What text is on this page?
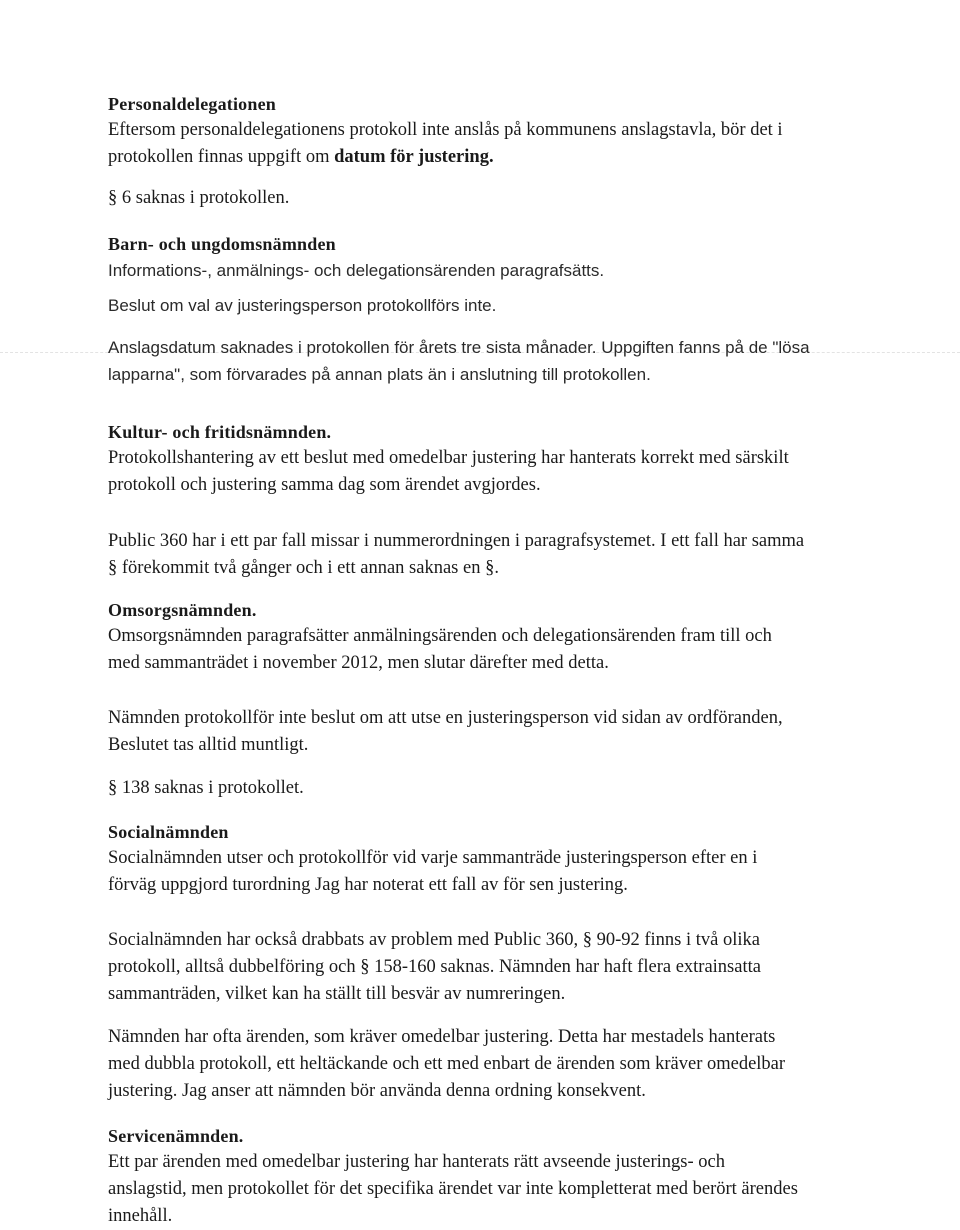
Personaldelegationen

Eftersom personaldelegationens protokoll inte anslås på kommunens anslagstavla, bör det i

protokollen finnas uppgift om datum för justering.

§ 6 saknas i protokollen.

Barn- och ungdomsnämnden

Informations-, anmälnings- och delegationsärenden paragrafsätts.

Beslut om val av justeringsperson protokollförs inte.

Anslagsdatum saknades i protokollen för årets tre sista månader. Uppgiften fanns på de "lösa

lapparna", som förvarades på annan plats än i anslutning till protokollen.

Kultur- och fritidsnämnden.

Protokollshantering av ett beslut med omedelbar justering har hanterats korrekt med särskilt

protokoll och justering samma dag som ärendet avgjordes.

Public 360 har i ett par fall missar i nummerordningen i paragrafsystemet. I ett fall har samma

§ förekommit två gånger och i ett annan saknas en §.

Omsorgsnämnden.

Omsorgsnämnden paragrafsätter anmälningsärenden och delegationsärenden fram till och

med sammanträdet i november 2012, men slutar därefter med detta.

Nämnden protokollför inte beslut om att utse en justeringsperson vid sidan av ordföranden,

Beslutet tas alltid muntligt.

§ 138 saknas i protokollet.

Socialnämnden

Socialnämnden utser och protokollför vid varje sammanträde justeringsperson efter en i

förväg uppgjord turordning Jag har noterat ett fall av för sen justering.

Socialnämnden har också drabbats av problem med Public 360, § 90-92 finns i två olika

protokoll, alltså dubbelföring och § 158-160 saknas. Nämnden har haft flera extrainsatta

sammanträden, vilket kan ha ställt till besvär av numreringen.

Nämnden har ofta ärenden, som kräver omedelbar justering. Detta har mestadels hanterats

med dubbla protokoll, ett heltäckande och ett med enbart de ärenden som kräver omedelbar

justering. Jag anser att nämnden bör använda denna ordning konsekvent.

Servicenämnden.

Ett par ärenden med omedelbar justering har hanterats rätt avseende justerings- och

anslagstid, men protokollet för det specifika ärendet var inte kompletterat med berört ärendes

innehåll.
